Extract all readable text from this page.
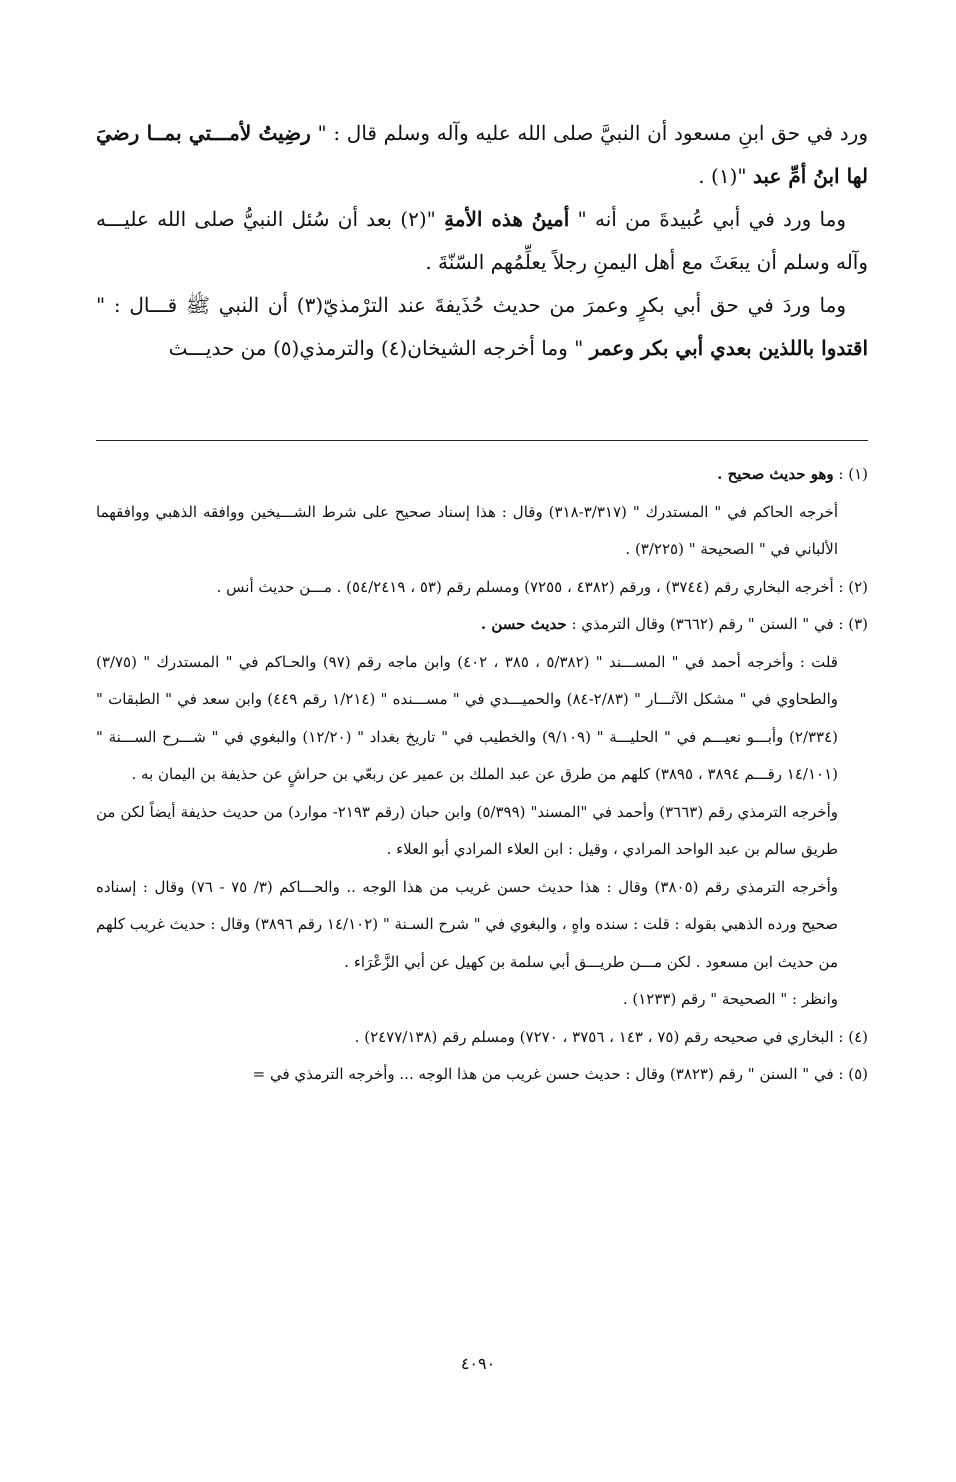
ورد في حق ابنِ مسعود أن النبيَّ صلى الله عليه وآله وسلم قال : " رضِيتُ لأمـــتي بمــا رضيَ لها ابنُ أمِّ عبد "(١) .

وما ورد في أبي عُبيدةَ من أنه " أمينُ هذه الأمةِ "(٢) بعد أن سُئل النبيُّ صلى الله عليـــه وآله وسلم أن يبعَثَ مع أهل اليمنِ رجلاً يعلِّمُهم السّنّةَ .

وما وردَ في حق أبي بكرٍ وعمرَ من حديث حُذَيفةَ عند الترْمذيّ(٣) أن النبي ﷺ قـــال : " اقتدوا باللذين بعدي أبي بكر وعمر " وما أخرجه الشيخان(٤) والترمذي(٥) من حديـــث

(١) : وهو حديث صحيح .

أخرجه الحاكم في " المستدرك " (٣/٣١٧-٣١٨) وقال : هذا إسناد صحيح على شرط الشـــيخين ووافقه الذهبي ووافقهما الألباني في " الصحيحة " (٣/٢٢٥) .

(٢) : أخرجه البخاري رقم (٣٧٤٤) ، ورقم (٤٣٨٢ ، ٧٢٥٥) ومسلم رقم (٥٣ ، ٥٤/٢٤١٩) . مـــن حديث أنس .

(٣) : في " السنن " رقم (٣٦٦٢) وقال الترمذي : حديث حسن .

قلت : وأخرجه أحمد في " المســـند " (٥/٣٨٢ ، ٣٨٥ ، ٤٠٢) وابن ماجه رقم (٩٧) والحـاكم في " المستدرك " (٣/٧٥) والطحاوي في " مشكل الآثـــار " (٢/٨٣-٨٤) والحميـــدي في " مســـنده " (١/٢١٤ رقم ٤٤٩) وابن سعد في " الطبقات " (٢/٣٣٤) وأبـــو نعيـــم في " الحليـــة " (٩/١٠٩) والخطيب في " تاريخ بغداد " (١٢/٢٠) والبغوي في " شـــرح الســـنة " (١٤/١٠١ رقـــم ٣٨٩٤ ، ٣٨٩٥) كلهم من طرق عن عبد الملك بن عمير عن ربعّي بن حراشٍ عن حذيفة بن اليمان به .

وأخرجه الترمذي رقم (٣٦٦٣) وأحمد في "المسند" (٥/٣٩٩) وابن حبان (رقم ٢١٩٣- موارد) من حديث حذيفة أيضاً لكن من طريق سالم بن عبد الواحد المرادي ، وقيل : ابن العلاء المرادي أبو العلاء .

وأخرجه الترمذي رقم (٣٨٠٥) وقال : هذا حديث حسن غريب من هذا الوجه .. والحـــاكم (٣/ ٧٥ - ٧٦) وقال : إسناده صحيح ورده الذهبي بقوله : قلت : سنده واهٍ ، والبغوي في " شرح السـنة " (١٤/١٠٢ رقم ٣٨٩٦) وقال : حديث غريب كلهم من حديث ابن مسعود . لكن مـــن طريـــق أبي سلمة بن كهيل عن أبي الزَّعْرَاء .

وانظر : " الصحيحة " رقم (١٢٣٣) .

(٤) : البخاري في صحيحه رقم (٧٥ ، ١٤٣ ، ٣٧٥٦ ، ٧٢٧٠) ومسلم رقم (٢٤٧٧/١٣٨) .

(٥) : في " السنن " رقم (٣٨٢٣) وقال : حديث حسن غريب من هذا الوجه ... وأخرجه الترمذي في =

٤٠٩٠
